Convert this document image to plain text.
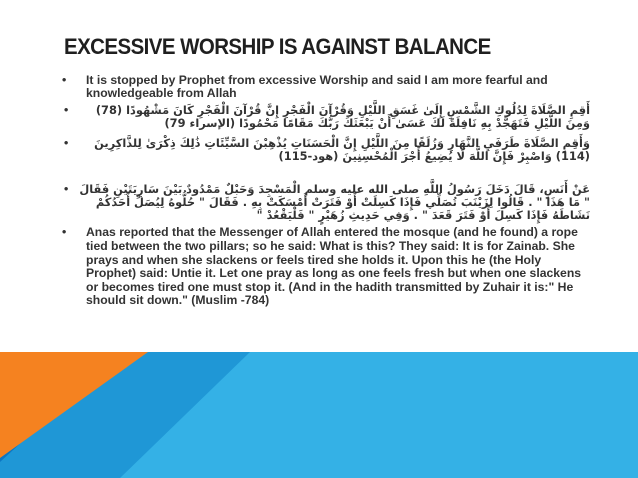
EXCESSIVE WORSHIP IS AGAINST BALANCE
•	It is stopped by Prophet from excessive Worship and said I am more fearful and knowledgeable from Allah
•	أَقِمِ الصَّلَاةَ لِدُلُوكِ الشَّمْسِ إِلَىٰ غَسَقِ اللَّيْلِ وَقُرْآنَ الْفَجْرِ إِنَّ قُرْآنَ الْفَجْرِ كَانَ مَشْهُودًا (78) وَمِنَ اللَّيْلِ فَتَهَجَّدْ بِهِ نَافِلَةً لَكَ عَسَىٰ أَنْ يَبْعَثَكَ رَبُّكَ مَقَامًا مَحْمُودًا (الإسراء 79)
•	وَأَقِمِ الصَّلَاةَ طَرَفَيِ النَّهَارِ وَزُلَفًا مِنَ اللَّيْلِ إِنَّ الْحَسَنَاتِ يُذْهِبْنَ السَّيِّئَاتِ ذَٰلِكَ ذِكْرَىٰ لِلذَّاكِرِينَ (114) وَاصْبِرْ فَإِنَّ اللَّهَ لَا يُضِيعُ أَجْرَ الْمُحْسِنِينَ (هود-115)
• عَنْ أَنَسٍ، قَالَ دَخَلَ رَسُولُ اللَّهِ صلى الله عليه وسلم الْمَسْجِدَ وَحَبْلٌ مَمْدُودٌ بَيْنَ سَارِيَتَيْنِ فَقَالَ " مَا هَذَا " . قَالُوا لِزَيْنَبَ تُصَلِّي فَإِذَا كَسِلَتْ أَوْ فَتَرَتْ أَمْسَكَتْ بِهِ . فَقَالَ " حُلُّوهُ لِيُصَلِّ أَحَدُكُمْ نَشَاطَهُ فَإِذَا كَسِلَ أَوْ فَتَرَ قَعَدَ " . وَفِي حَدِيثِ زُهَيْرٍ " فَلْيَقْعُدْ "
•	Anas reported that the Messenger of Allah entered the mosque (and he found) a rope tied between the two pillars; so he said: What is this? They said: It is for Zainab. She prays and when she slackens or feels tired she holds it. Upon this he (the Holy Prophet) said: Untie it. Let one pray as long as one feels fresh but when one slackens or becomes tired one must stop it. (And in the hadith transmitted by Zuhair it is:" He should sit down." (Muslim -784)
